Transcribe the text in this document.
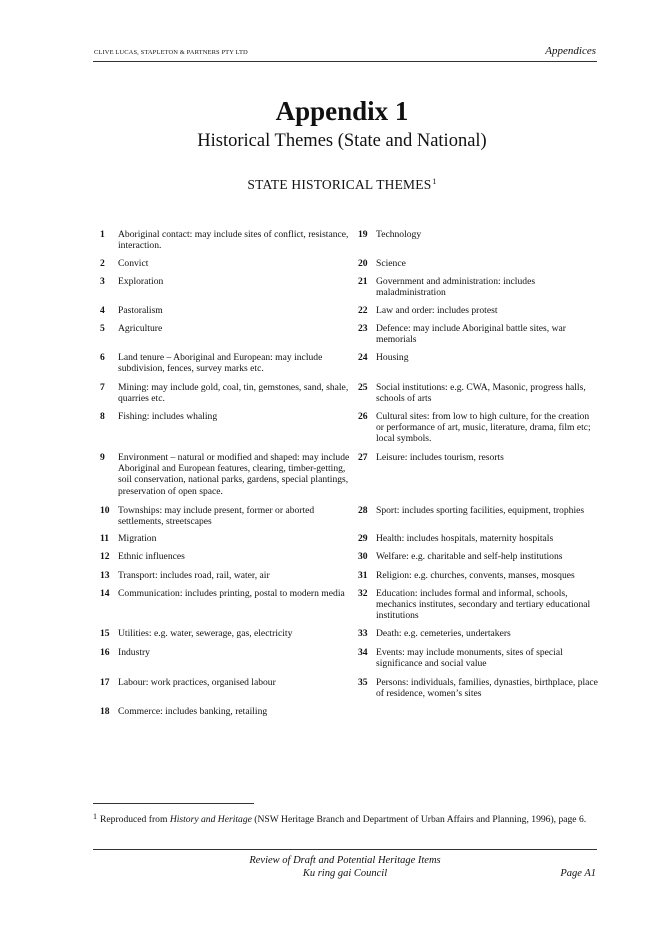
CLIVE LUCAS, STAPLETON & PARTNERS PTY LTD	Appendices
Appendix 1
Historical Themes (State and National)
STATE HISTORICAL THEMES$^1$
1	Aboriginal contact: may include sites of conflict, resistance, interaction.
2	Convict
3	Exploration
4	Pastoralism
5	Agriculture
6	Land tenure – Aboriginal and European: may include subdivision, fences, survey marks etc.
7	Mining: may include gold, coal, tin, gemstones, sand, shale, quarries etc.
8	Fishing: includes whaling
9	Environment – natural or modified and shaped: may include Aboriginal and European features, clearing, timber-getting, soil conservation, national parks, gardens, special plantings, preservation of open space.
10 Townships: may include present, former or aborted settlements, streetscapes
11 Migration
12 Ethnic influences
13 Transport: includes road, rail, water, air
14 Communication: includes printing, postal to modern media
15 Utilities: e.g. water, sewerage, gas, electricity
16 Industry
17 Labour: work practices, organised labour
18 Commerce: includes banking, retailing
19 Technology
20 Science
21 Government and administration: includes maladministration
22 Law and order: includes protest
23 Defence: may include Aboriginal battle sites, war memorials
24 Housing
25 Social institutions: e.g. CWA, Masonic, progress halls, schools of arts
26 Cultural sites: from low to high culture, for the creation or performance of art, music, literature, drama, film etc; local symbols.
27 Leisure: includes tourism, resorts
28 Sport: includes sporting facilities, equipment, trophies
29 Health: includes hospitals, maternity hospitals
30 Welfare: e.g. charitable and self-help institutions
31 Religion: e.g. churches, convents, manses, mosques
32 Education: includes formal and informal, schools, mechanics institutes, secondary and tertiary educational institutions
33 Death: e.g. cemeteries, undertakers
34 Events: may include monuments, sites of special significance and social value
35 Persons: individuals, families, dynasties, birthplace, place of residence, women’s sites
$^1$ Reproduced from History and Heritage (NSW Heritage Branch and Department of Urban Affairs and Planning, 1996), page 6.
Review of Draft and Potential Heritage Items
Ku ring gai Council	Page A1
